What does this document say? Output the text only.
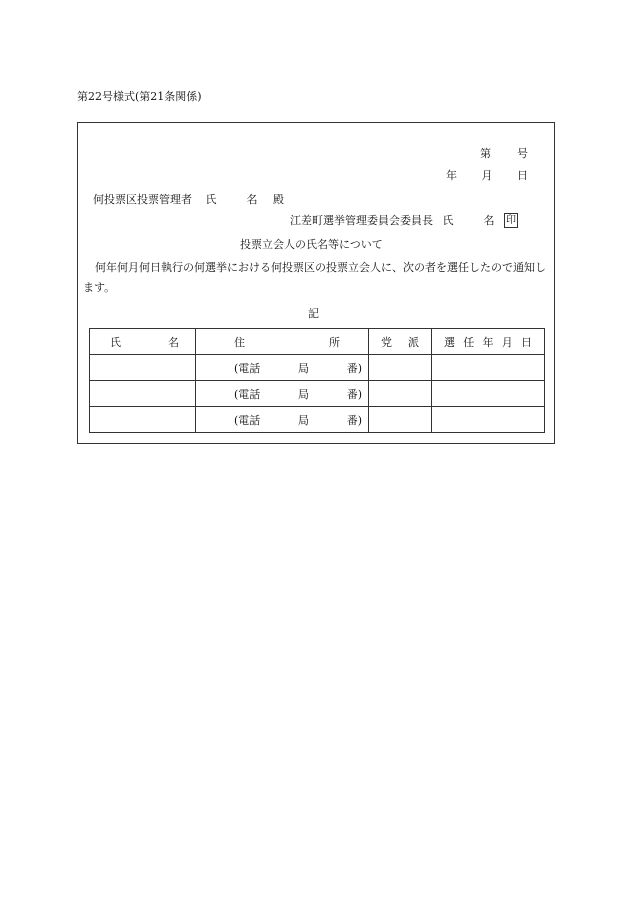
第22号様式(第21条関係)
第 号
年 月 日
何投票区投票管理者 氏	名 殿
江差町選挙管理委員会委員長 氏	名 印
投票立会人の氏名等について
何年何月何日執行の何選挙における何投票区の投票立会人に、次の者を選任したので通知します。
記
氏 名	住 所	党 派	選 任 年 月 日

	(電話 局 番)		

	(電話 局 番)		

	(電話 局 番)		
